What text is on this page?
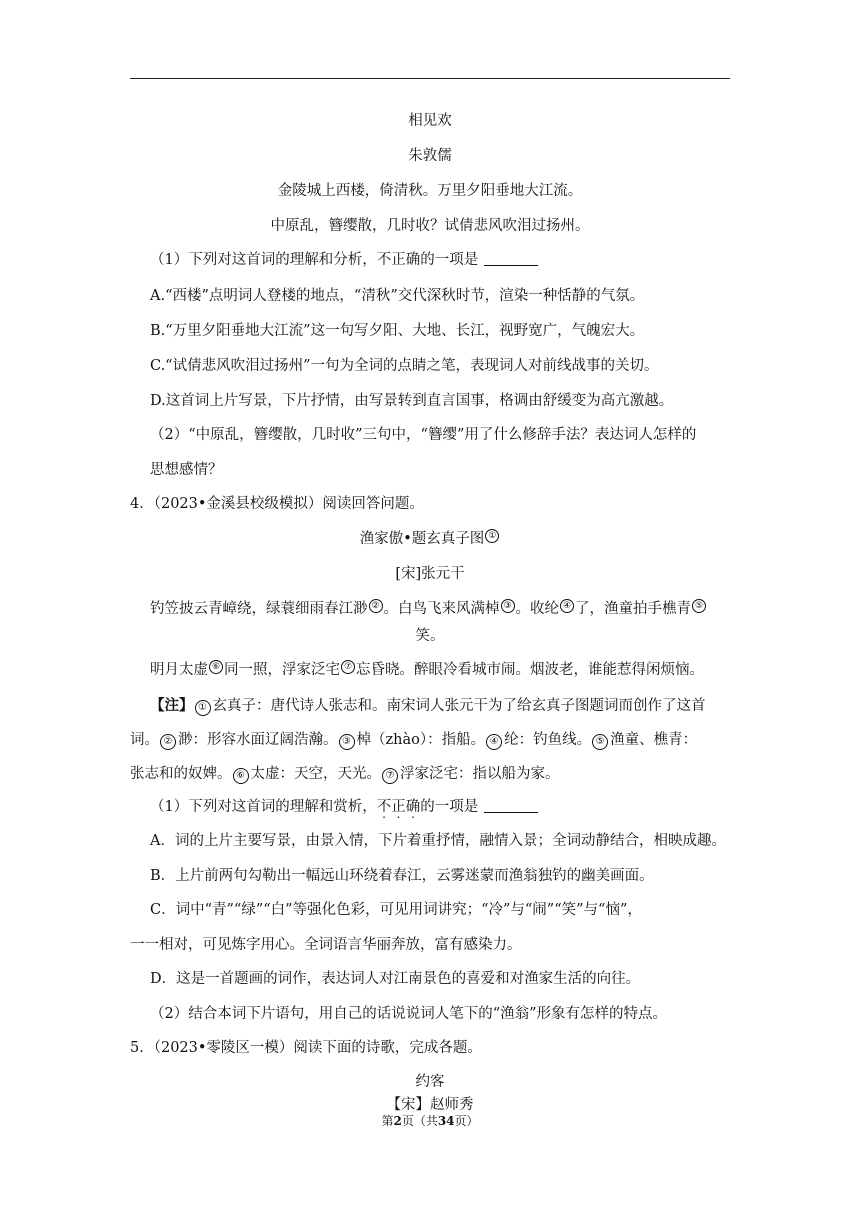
相见欢
朱敦儒
金陵城上西楼，倚清秋。万里夕阳垂地大江流。
中原乱，簪缨散，几时收？试倩悲风吹泪过扬州。
（1）下列对这首词的理解和分析，不正确的一项是
A.“西楼”点明词人登楼的地点，“清秋”交代深秋时节，渲染一种恬静的气氛。
B.“万里夕阳垂地大江流”这一句写夕阳、大地、长江，视野宽广，气魄宏大。
C.“试倩悲风吹泪过扬州”一句为全词的点睛之笔，表现词人对前线战事的关切。
D.这首词上片写景，下片抒情，由写景转到直言国事，格调由舒缓变为高亢激越。
（2）“中原乱，簪缨散，几时收”三句中，“簪缨”用了什么修辞手法？表达词人怎样的
思想感情？
4．（2023•金溪县校级模拟）阅读回答问题。
渔家傲•题玄真子图 ①
[宋]张元干
钓笠披云青嶂绕，绿蓑细雨春江渺 ② 。白鸟飞来风满棹 ③ 。收纶 ④ 了，渔童拍手樵青 ⑤
笑。
明月太虚 ⑥ 同一照，浮家泛宅 ⑦ 忘昏晓。醉眼冷看城市闹。烟波老，谁能惹得闲烦恼。
【注】 ① 玄真子：唐代诗人张志和。南宋词人张元干为了给玄真子图题词而创作了这首
词。 ② 渺：形容水面辽阔浩瀚。 ③ 棹（zhào）：指船。 ④ 纶：钓鱼线。 ⑤ 渔童、樵青：
张志和的奴婢。 ⑥ 太虚：天空，天光。 ⑦ 浮家泛宅：指以船为家。
（1）下列对这首词的理解和赏析，不正确的一项是
A．词的上片主要写景，由景入情，下片着重抒情，融情入景；全词动静结合，相映成趣。
B．上片前两句勾勒出一幅远山环绕着春江，云雾迷蒙而渔翁独钓的幽美画面。
C．词中“青”“绿”“白”等强化色彩，可见用词讲究；“冷”与“闹”“笑”与“恼”，
一一相对，可见炼字用心。全词语言华丽奔放，富有感染力。
D．这是一首题画的词作，表达词人对江南景色的喜爱和对渔家生活的向往。
（2）结合本词下片语句，用自己的话说说词人笔下的“渔翁”形象有怎样的特点。
5．（2023•零陵区一模）阅读下面的诗歌，完成各题。
约客
【宋】赵师秀
第2页（共34页）
